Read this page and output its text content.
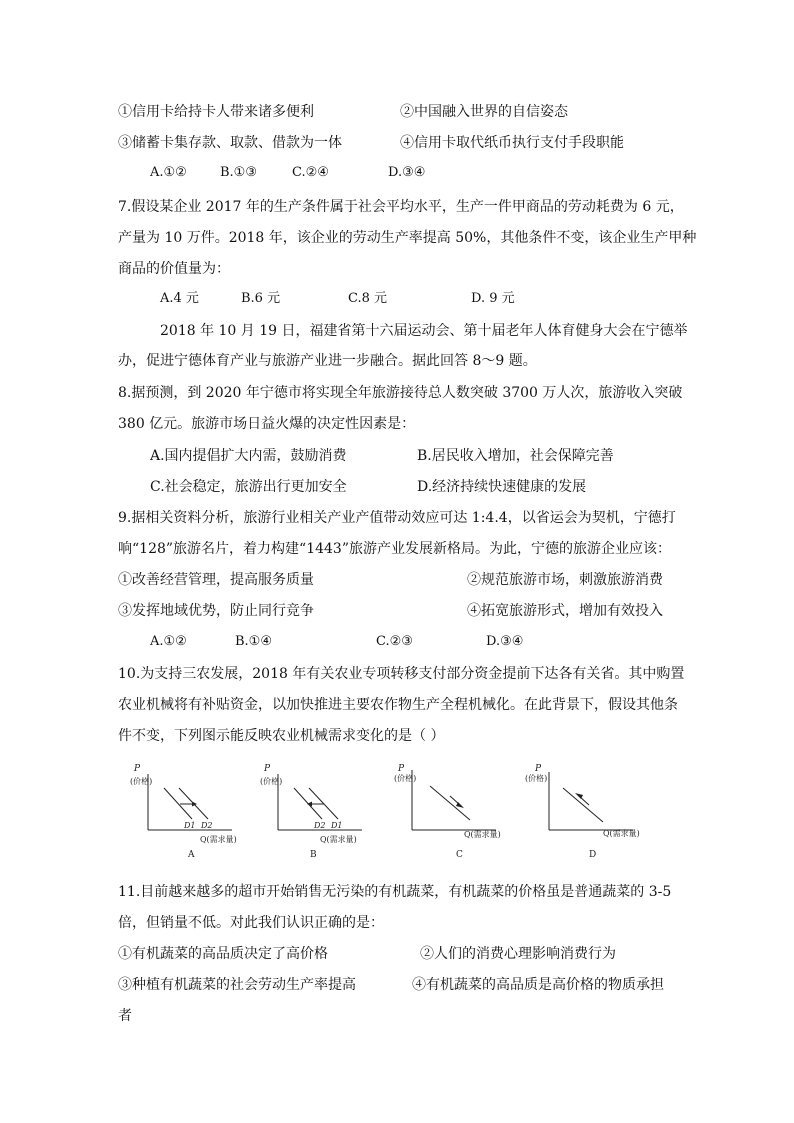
①信用卡给持卡人带来诸多便利	②中国融入世界的自信姿态
③储蓄卡集存款、取款、借款为一体	④信用卡取代纸币执行支付手段职能
A.①②	B.①③	C.②④	D.③④
7.假设某企业 2017 年的生产条件属于社会平均水平，生产一件甲商品的劳动耗费为 6 元，
产量为 10 万件。2018 年，该企业的劳动生产率提高 50%，其他条件不变，该企业生产甲种
商品的价值量为：
A.4 元	B.6 元	C.8 元	D. 9 元
2018 年 10 月 19 日，福建省第十六届运动会、第十届老年人体育健身大会在宁德举
办，促进宁德体育产业与旅游产业进一步融合。据此回答 8～9 题。
8.据预测，到 2020 年宁德市将实现全年旅游接待总人数突破 3700 万人次，旅游收入突破
380 亿元。旅游市场日益火爆的决定性因素是：
A.国内提倡扩大内需，鼓励消费	B.居民收入增加，社会保障完善
C.社会稳定，旅游出行更加安全	D.经济持续快速健康的发展
9.据相关资料分析，旅游行业相关产业产值带动效应可达 1:4.4，以省运会为契机，宁德打
响“128”旅游名片，着力构建“1443”旅游产业发展新格局。为此，宁德的旅游企业应该：
①改善经营管理，提高服务质量	②规范旅游市场，刺激旅游消费
③发挥地域优势，防止同行竞争	④拓宽旅游形式，增加有效投入
A.①②	B.①④	C.②③	D.③④
10.为支持三农发展，2018 年有关农业专项转移支付部分资金提前下达各有关省。其中购置
农业机械将有补贴资金，以加快推进主要农作物生产全程机械化。在此背景下，假设其他条
件不变，下列图示能反映农业机械需求变化的是（ ）
P
(价格)
D1 D2
Q(需求量)
A
P
(价格)
D2 D1
Q(需求量)
B
P
(价格)
Q(需求量)
C
P
(价格)
Q(需求量)
D
11.目前越来越多的超市开始销售无污染的有机蔬菜，有机蔬菜的价格虽是普通蔬菜的 3-5
倍，但销量不低。对此我们认识正确的是：
①有机蔬菜的高品质决定了高价格	②人们的消费心理影响消费行为
③种植有机蔬菜的社会劳动生产率提高	④有机蔬菜的高品质是高价格的物质承担
者
